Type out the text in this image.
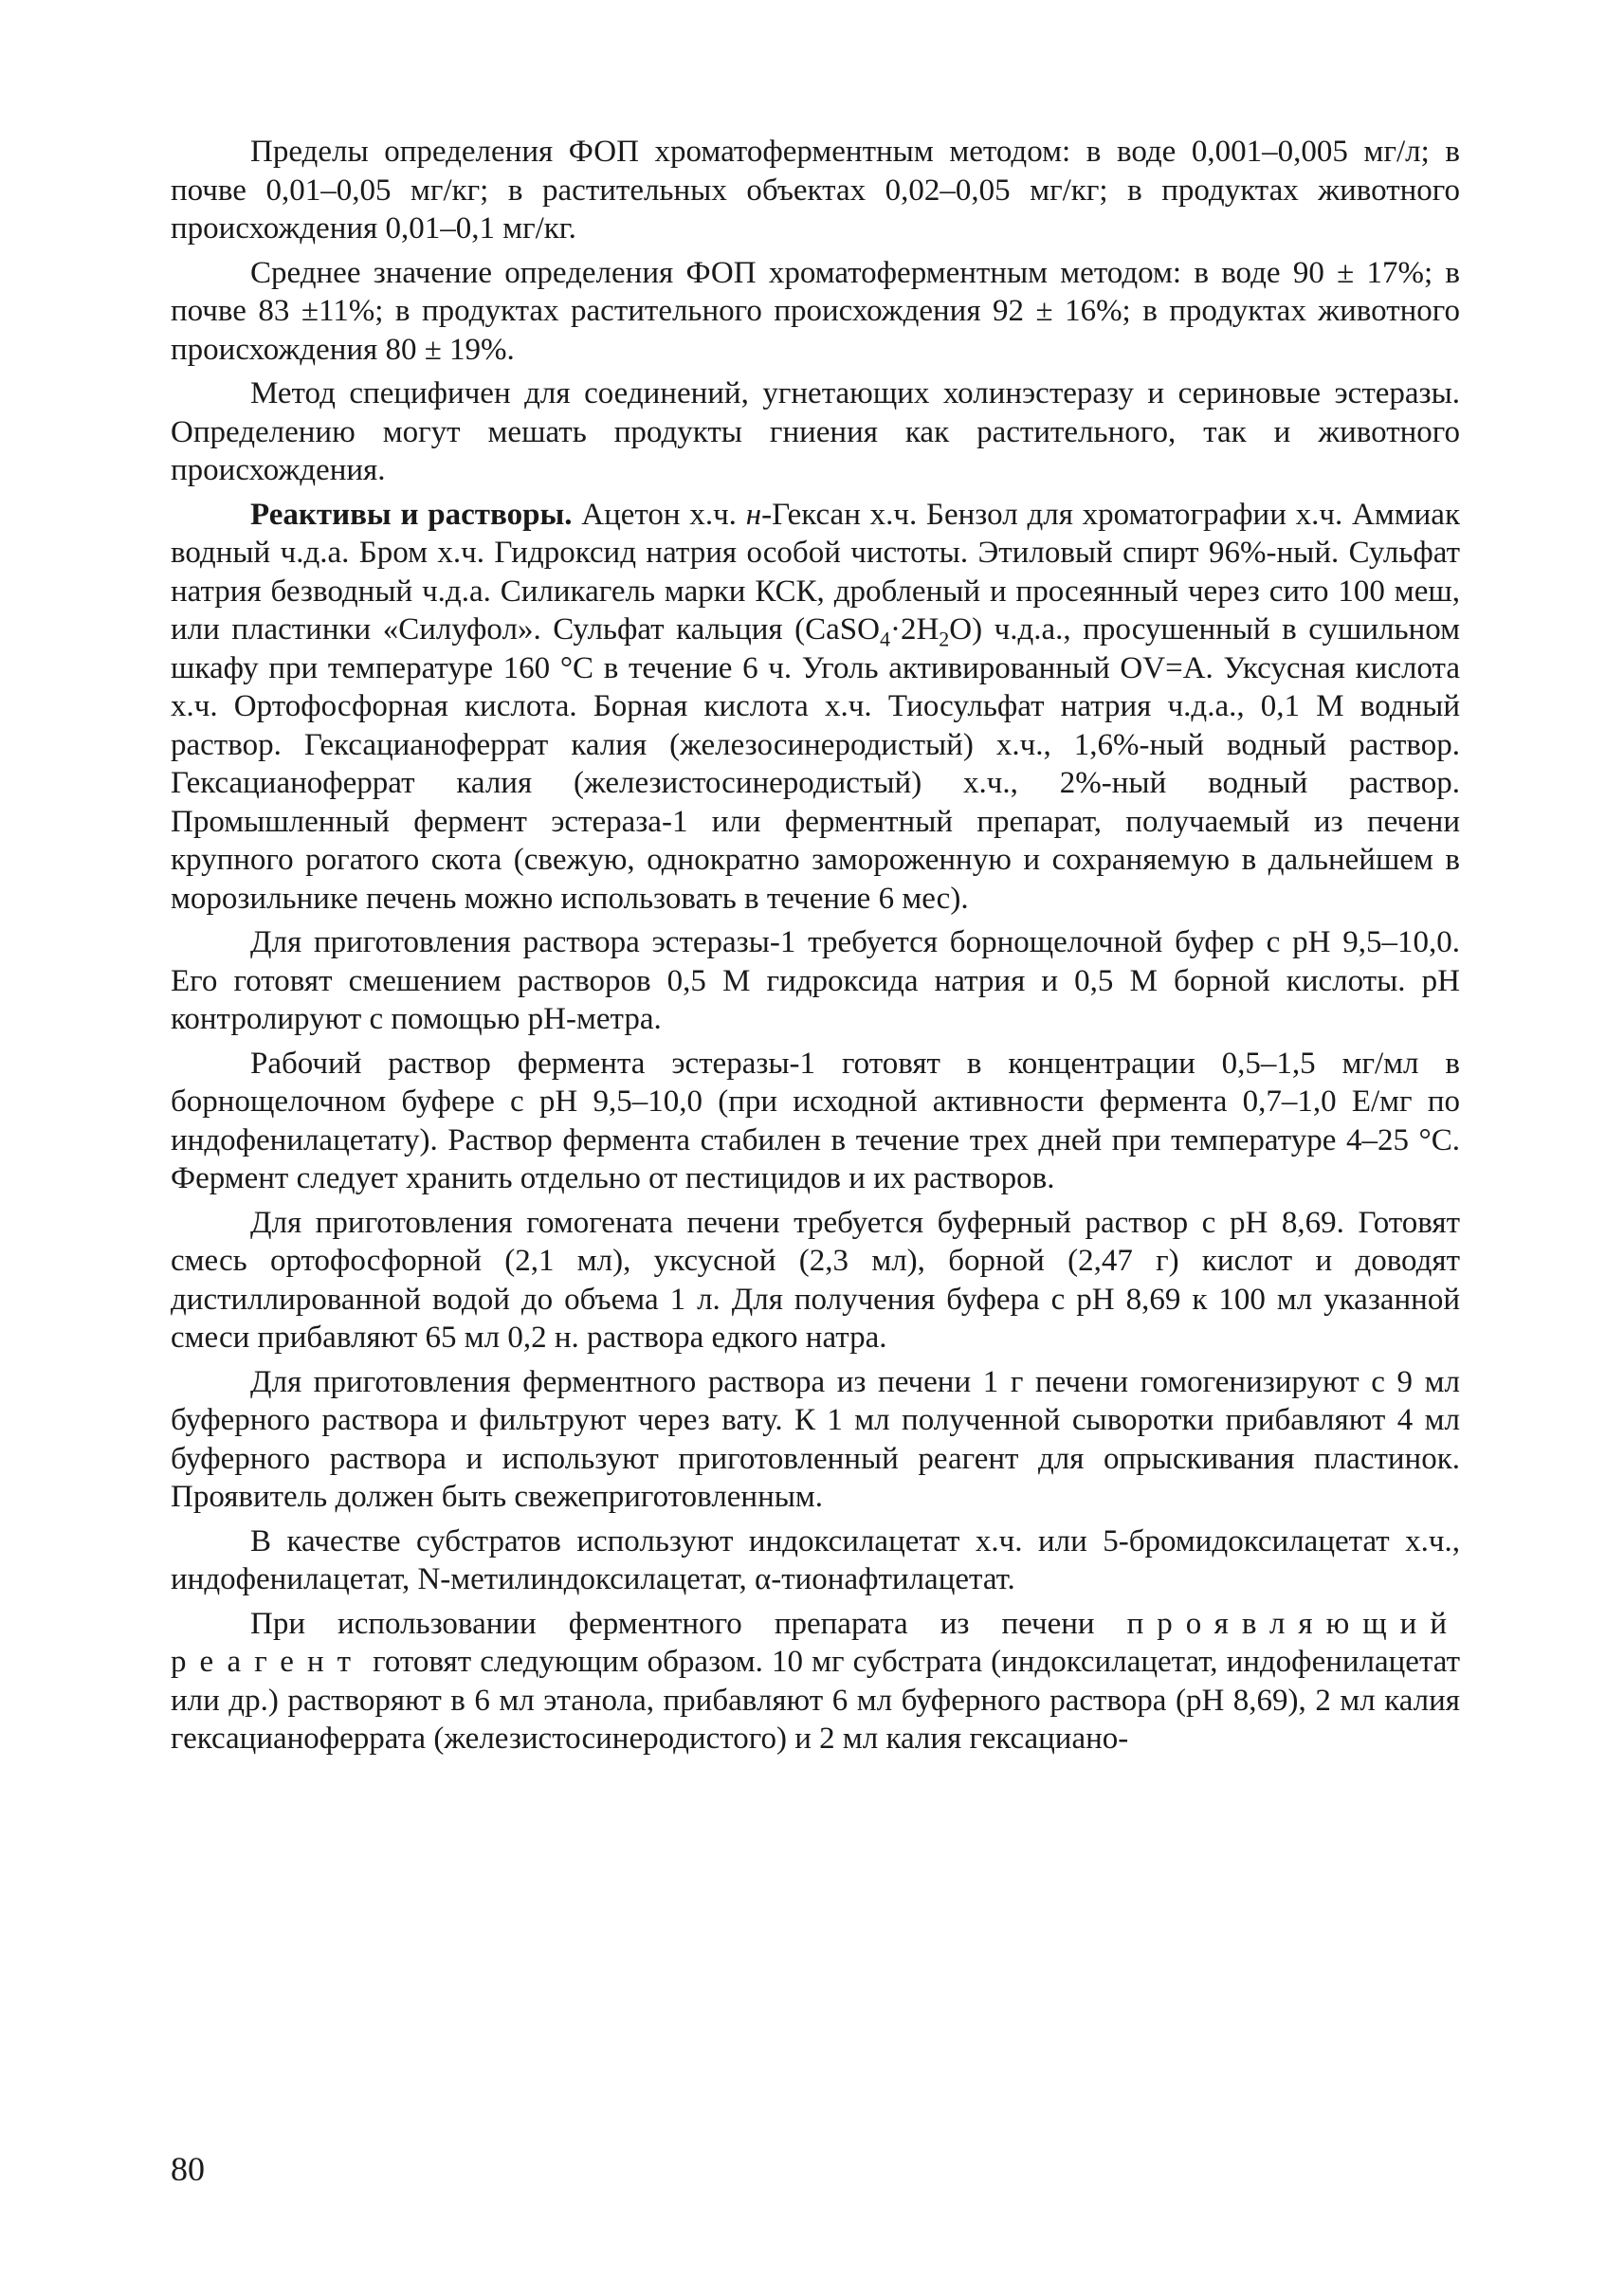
Пределы определения ФОП хроматоферментным методом: в воде 0,001–0,005 мг/л; в почве 0,01–0,05 мг/кг; в растительных объектах 0,02–0,05 мг/кг; в продуктах животного происхождения 0,01–0,1 мг/кг.

Среднее значение определения ФОП хроматоферментным методом: в воде 90 ± 17%; в почве 83 ±11%; в продуктах растительного происхождения 92 ± 16%; в продуктах животного происхождения 80 ± 19%.

Метод специфичен для соединений, угнетающих холинэстеразу и сериновые эстеразы. Определению могут мешать продукты гниения как растительного, так и животного происхождения.

Реактивы и растворы. Ацетон х.ч. н-Гексан х.ч. Бензол для хроматографии х.ч. Аммиак водный ч.д.а. Бром х.ч. Гидроксид натрия особой чистоты. Этиловый спирт 96%-ный. Сульфат натрия безводный ч.д.а. Силикагель марки КСК, дробленый и просеянный через сито 100 меш, или пластинки «Силуфол». Сульфат кальция $(CaSO_4\cdot 2H_2O)$ ч.д.а., просушенный в сушильном шкафу при температуре 160 °C в течение 6 ч. Уголь активированный OV=A. Уксусная кислота х.ч. Ортофосфорная кислота. Борная кислота х.ч. Тиосульфат натрия ч.д.а., 0,1 М водный раствор. Гексацианоферрат калия (железосинеродистый) х.ч., 1,6%-ный водный раствор. Гексацианоферрат калия (железистосинеродистый) х.ч., 2%-ный водный раствор. Промышленный фермент эстераза-1 или ферментный препарат, получаемый из печени крупного рогатого скота (свежую, однократно замороженную и сохраняемую в дальнейшем в морозильнике печень можно использовать в течение 6 мес).

Для приготовления раствора эстеразы-1 требуется борнощелочной буфер с pH 9,5–10,0. Его готовят смешением растворов 0,5 М гидроксида натрия и 0,5 М борной кислоты. pH контролируют с помощью pH-метра.

Рабочий раствор фермента эстеразы-1 готовят в концентрации 0,5–1,5 мг/мл в борнощелочном буфере с pH 9,5–10,0 (при исходной активности фермента 0,7–1,0 Е/мг по индофенилацетату). Раствор фермента стабилен в течение трех дней при температуре 4–25 °C. Фермент следует хранить отдельно от пестицидов и их растворов.

Для приготовления гомогената печени требуется буферный раствор с pH 8,69. Готовят смесь ортофосфорной (2,1 мл), уксусной (2,3 мл), борной (2,47 г) кислот и доводят дистиллированной водой до объема 1 л. Для получения буфера с pH 8,69 к 100 мл указанной смеси прибавляют 65 мл 0,2 н. раствора едкого натра.

Для приготовления ферментного раствора из печени 1 г печени гомогенизируют с 9 мл буферного раствора и фильтруют через вату. К 1 мл полученной сыворотки прибавляют 4 мл буферного раствора и используют приготовленный реагент для опрыскивания пластинок. Проявитель должен быть свежеприготовленным.

В качестве субстратов используют индоксилацетат х.ч. или 5-бромидоксилацетат х.ч., индофенилацетат, N-метилиндоксилацетат, α-тионафтилацетат.

При использовании ферментного препарата из печени проявляющий реагент готовят следующим образом. 10 мг субстрата (индоксилацетат, индофенилацетат или др.) растворяют в 6 мл этанола, прибавляют 6 мл буферного раствора (pH 8,69), 2 мл калия гексацианоферрата (железистосинеродистого) и 2 мл калия гексациано-

80
